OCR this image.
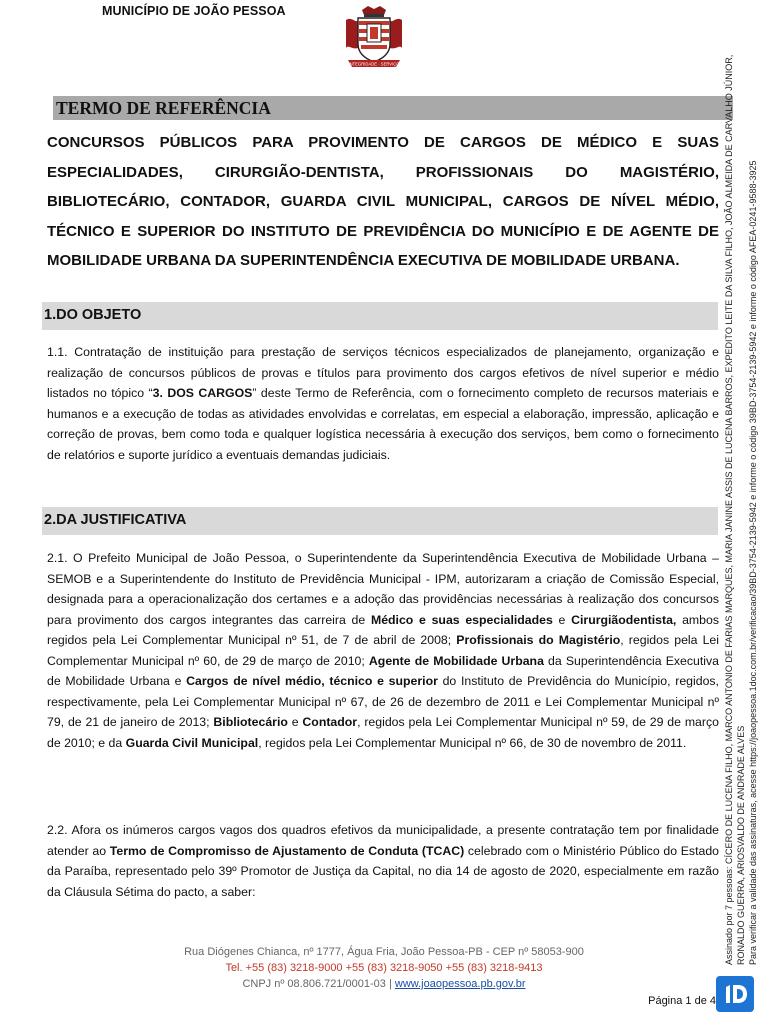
MUNICÍPIO DE JOÃO PESSOA
INTEGRIDADE · SERVIÇO
TERMO DE REFERÊNCIA
CONCURSOS PÚBLICOS PARA PROVIMENTO DE CARGOS DE MÉDICO E SUAS ESPECIALIDADES, CIRURGIÃO-DENTISTA, PROFISSIONAIS DO MAGISTÉRIO, BIBLIOTECÁRIO, CONTADOR, GUARDA CIVIL MUNICIPAL, CARGOS DE NÍVEL MÉDIO, TÉCNICO E SUPERIOR DO INSTITUTO DE PREVIDÊNCIA DO MUNICÍPIO E DE AGENTE DE MOBILIDADE URBANA DA SUPERINTENDÊNCIA EXECUTIVA DE MOBILIDADE URBANA.
1.DO OBJETO
1.1. Contratação de instituição para prestação de serviços técnicos especializados de planejamento, organização e realização de concursos públicos de provas e títulos para provimento dos cargos efetivos de nível superior e médio listados no tópico “3. DOS CARGOS” deste Termo de Referência, com o fornecimento completo de recursos materiais e humanos e a execução de todas as atividades envolvidas e correlatas, em especial a elaboração, impressão, aplicação e correção de provas, bem como toda e qualquer logística necessária à execução dos serviços, bem como o fornecimento de relatórios e suporte jurídico a eventuais demandas judiciais.
2.DA JUSTIFICATIVA
2.1. O Prefeito Municipal de João Pessoa, o Superintendente da Superintendência Executiva de Mobilidade Urbana – SEMOB e a Superintendente do Instituto de Previdência Municipal - IPM, autorizaram a criação de Comissão Especial, designada para a operacionalização dos certames e a adoção das providências necessárias à realização dos concursos para provimento dos cargos integrantes das carreira de Médico e suas especialidades e Cirurgiãodentista, ambos regidos pela Lei Complementar Municipal nº 51, de 7 de abril de 2008; Profissionais do Magistério, regidos pela Lei Complementar Municipal nº 60, de 29 de março de 2010; Agente de Mobilidade Urbana da Superintendência Executiva de Mobilidade Urbana e Cargos de nível médio, técnico e superior do Instituto de Previdência do Município, regidos, respectivamente, pela Lei Complementar Municipal nº 67, de 26 de dezembro de 2011 e Lei Complementar Municipal nº 79, de 21 de janeiro de 2013; Bibliotecário e Contador, regidos pela Lei Complementar Municipal nº 59, de 29 de março de 2010; e da Guarda Civil Municipal, regidos pela Lei Complementar Municipal nº 66, de 30 de novembro de 2011.
2.2. Afora os inúmeros cargos vagos dos quadros efetivos da municipalidade, a presente contratação tem por finalidade atender ao Termo de Compromisso de Ajustamento de Conduta (TCAC) celebrado com o Ministério Público do Estado da Paraíba, representado pelo 39º Promotor de Justiça da Capital, no dia 14 de agosto de 2020, especialmente em razão da Cláusula Sétima do pacto, a saber:
Rua Diógenes Chianca, nº 1777, Água Fria, João Pessoa-PB - CEP nº 58053-900
Tel. +55 (83) 3218-9000 +55 (83) 3218-9050 +55 (83) 3218-9413
CNPJ nº 08.806.721/0001-03 | www.joaopessoa.pb.gov.br
Página 1 de 4
Assinado por 7 pessoas: CÍCERO DE LUCENA FILHO, MARCO ANTONIO DE FARIAS MARQUES, MARIA JANINE ASSIS DE LUCENA BARROS, EXPEDITO LEITE DA SILVA FILHO, JOÃO ALMEIDA DE CARVALHO JÚNIOR, RONALDO GUERRA, ARIOSVALDO DE ANDRADE ALVES Para verificar a validade das assinaturas, acesse https://joaopessoa.1doc.com.br/verificacao/39BD-3754-2139-5942 e informe o código 39BD-3754-2139-5942 e informe o código AFEA-0241-9588-3925
